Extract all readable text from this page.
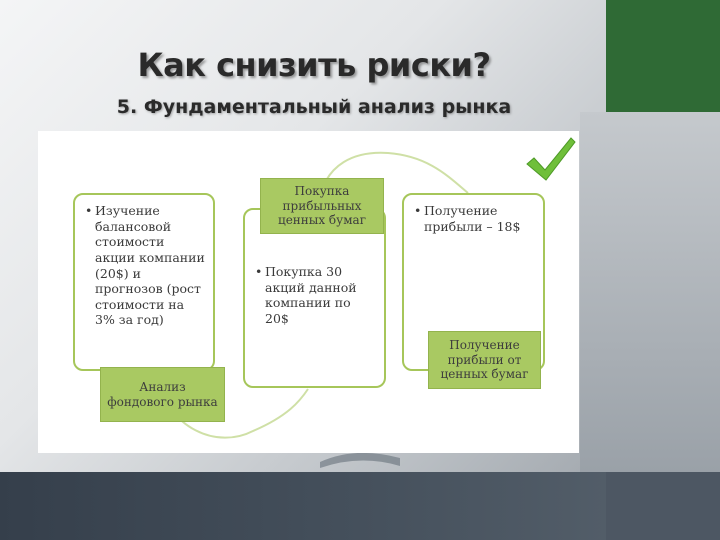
Как снизить риски?
5. Фундаментальный анализ рынка
• Изучение балансовой стоимости акции компании (20$) и прогнозов (рост стоимости на 3% за год)
• Покупка 30 акций данной компании по 20$
• Получение прибыли – 18$
Анализ фондового рынка
Покупка прибыльных ценных бумаг
Получение прибыли от ценных бумаг
